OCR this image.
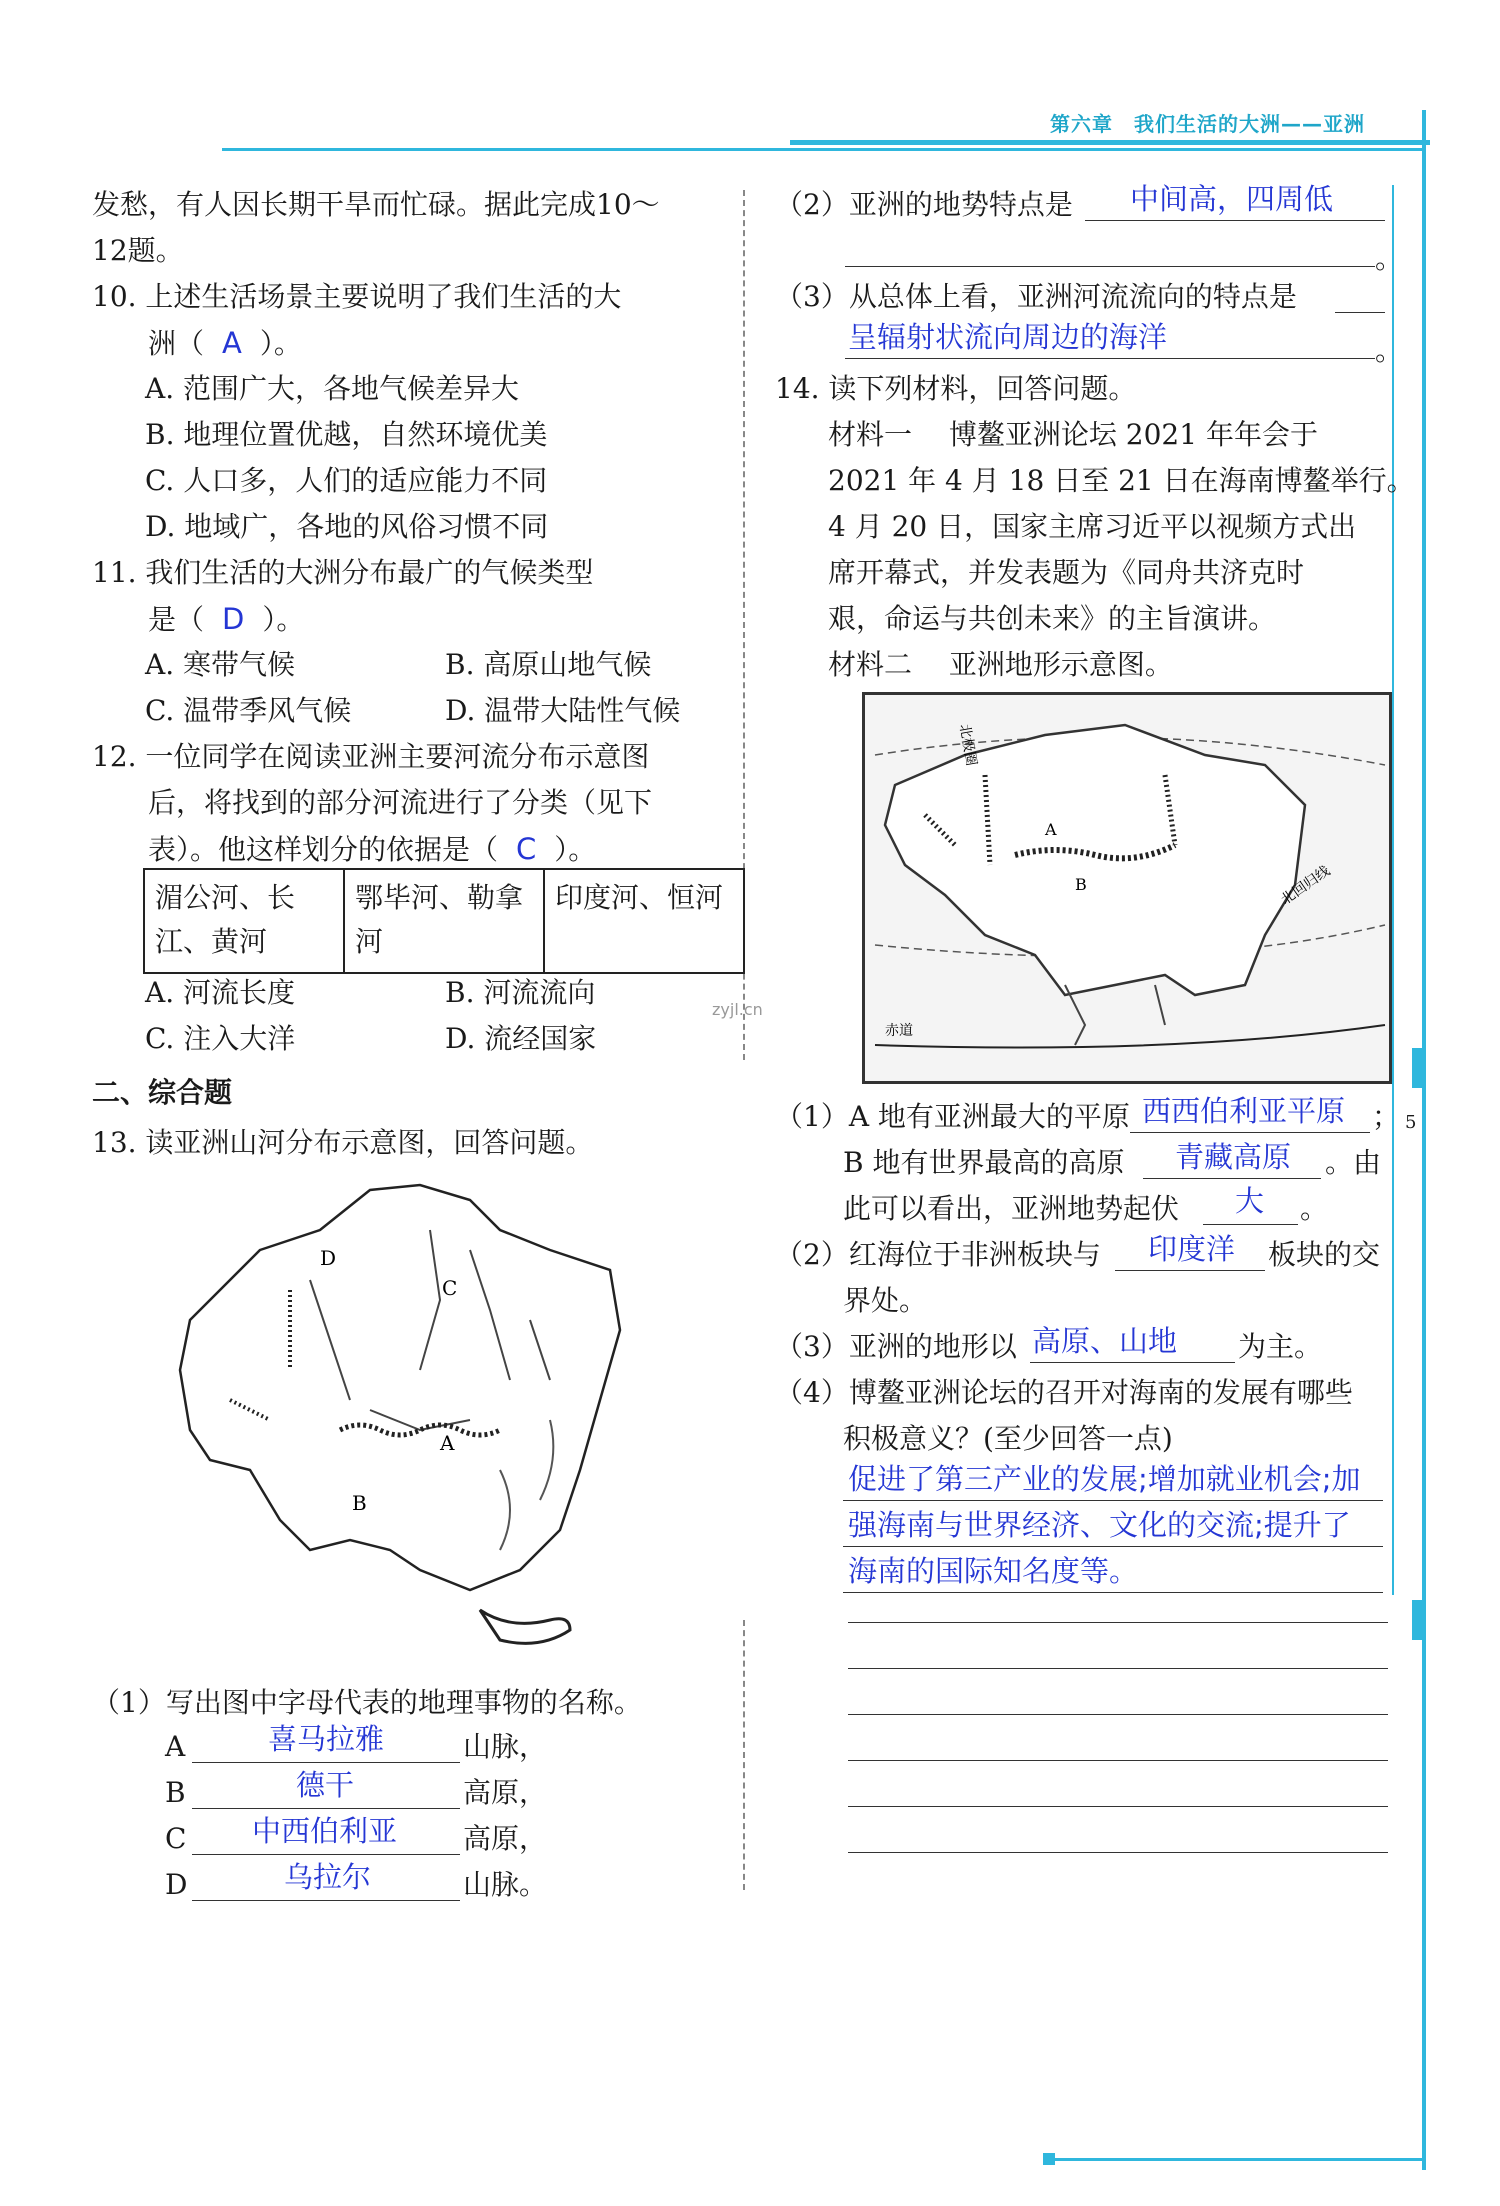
第六章　我们生活的大洲——亚洲
5
zyjl.cn
发愁，有人因长期干旱而忙碌。据此完成10～
12题。
10. 上述生活场景主要说明了我们生活的大
洲（ A ）。
A. 范围广大，各地气候差异大
B. 地理位置优越，自然环境优美
C. 人口多，人们的适应能力不同
D. 地域广，各地的风俗习惯不同
11. 我们生活的大洲分布最广的气候类型
是（ D ）。
A. 寒带气候	B. 高原山地气候
C. 温带季风气候	D. 温带大陆性气候
12. 一位同学在阅读亚洲主要河流分布示意图
后，将找到的部分河流进行了分类（见下
表）。他这样划分的依据是（ C ）。
湄公河、长江、黄河	鄂毕河、勒拿河	印度河、恒河
A. 河流长度	B. 河流流向
C. 注入大洋	D. 流经国家
二、综合题
13. 读亚洲山河分布示意图，回答问题。
D
C
A
B
（1）写出图中字母代表的地理事物的名称。
A	喜马拉雅	山脉，
B	德干	高原，
C 中西伯利亚 高原，
D	乌拉尔	山脉。
（2）亚洲的地势特点是 中间高，四周低
。
（3）从总体上看，亚洲河流流向的特点是
呈辐射状流向周边的海洋	。
14. 读下列材料，回答问题。
材料一　 博鳌亚洲论坛 2021 年年会于
2021 年 4 月 18 日至 21 日在海南博鳌举行。
4 月 20 日，国家主席习近平以视频方式出
席开幕式，并发表题为《同舟共济克时
艰，命运与共创未来》的主旨演讲。
材料二　 亚洲地形示意图。
北极圈
北回归线
赤道
A
B
（1）A 地有亚洲最大的平原 西西伯利亚平原 ；
B 地有世界最高的高原 青藏高原 。由
此可以看出，亚洲地势起伏 大 。
（2）红海位于非洲板块与 印度洋 板块的交
界处。
（3）亚洲的地形以 高原、山地 为主。
（4）博鳌亚洲论坛的召开对海南的发展有哪些
积极意义？(至少回答一点)
促进了第三产业的发展;增加就业机会;加
强海南与世界经济、文化的交流;提升了
海南的国际知名度等。
